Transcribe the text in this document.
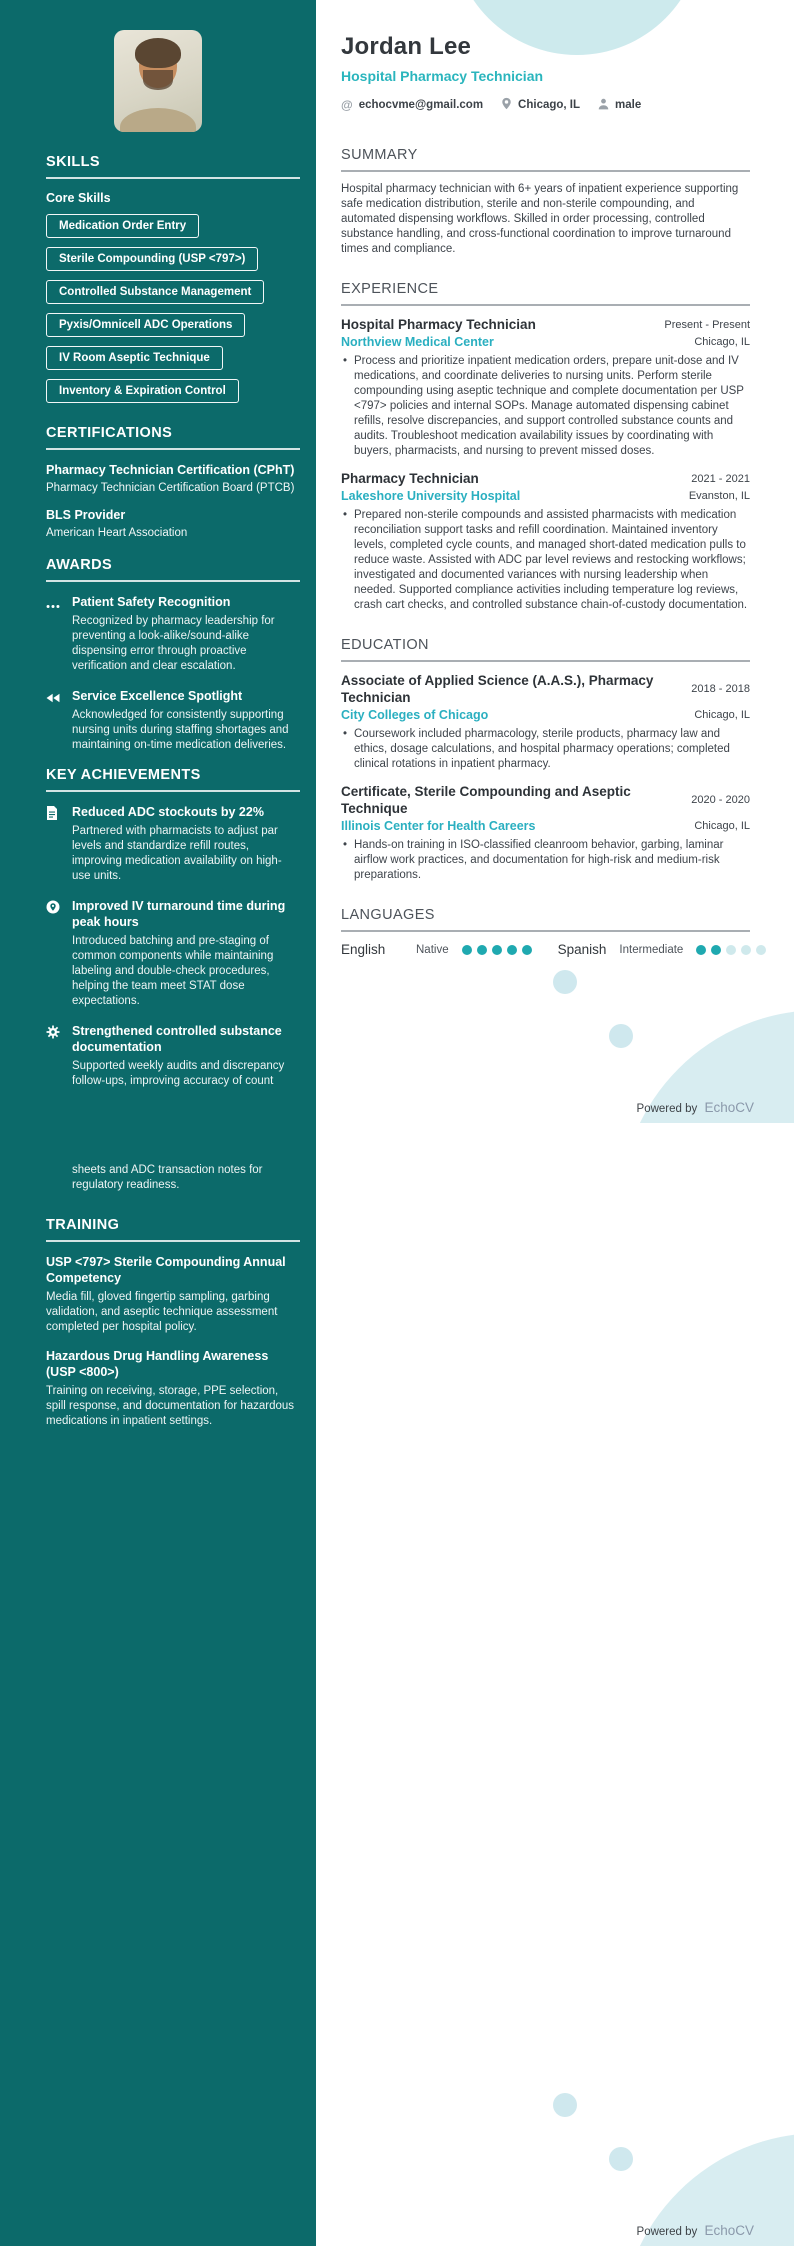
SKILLS
Core Skills
Medication Order Entry
Sterile Compounding (USP <797>)
Controlled Substance Management
Pyxis/Omnicell ADC Operations
IV Room Aseptic Technique
Inventory & Expiration Control
CERTIFICATIONS
Pharmacy Technician Certification (CPhT)
Pharmacy Technician Certification Board (PTCB)
BLS Provider
American Heart Association
AWARDS
Patient Safety Recognition
Recognized by pharmacy leadership for preventing a look-alike/sound-alike dispensing error through proactive verification and clear escalation.
Service Excellence Spotlight
Acknowledged for consistently supporting nursing units during staffing shortages and maintaining on-time medication deliveries.
KEY ACHIEVEMENTS
Reduced ADC stockouts by 22%
Partnered with pharmacists to adjust par levels and standardize refill routes, improving medication availability on high-use units.
Improved IV turnaround time during peak hours
Introduced batching and pre-staging of common components while maintaining labeling and double-check procedures, helping the team meet STAT dose expectations.
Strengthened controlled substance documentation
Supported weekly audits and discrepancy follow-ups, improving accuracy of count
Jordan Lee
Hospital Pharmacy Technician
@ echocvme@gmail.com	Chicago, IL	male
SUMMARY

Hospital pharmacy technician with 6+ years of inpatient experience supporting safe medication distribution, sterile and non-sterile compounding, and automated dispensing workflows. Skilled in order processing, controlled substance handling, and cross-functional coordination to improve turnaround times and compliance.

EXPERIENCE
Hospital Pharmacy Technician	Present - Present
Northview Medical Center	Chicago, IL

• Process and prioritize inpatient medication orders, prepare unit-dose and IV medications, and coordinate deliveries to nursing units. Perform sterile compounding using aseptic technique and complete documentation per USP <797> policies and internal SOPs. Manage automated dispensing cabinet refills, resolve discrepancies, and support controlled substance counts and audits. Troubleshoot medication availability issues by coordinating with buyers, pharmacists, and nursing to prevent missed doses.

Pharmacy Technician	2021 - 2021
Lakeshore University Hospital	Evanston, IL

• Prepared non-sterile compounds and assisted pharmacists with medication reconciliation support tasks and refill coordination. Maintained inventory levels, completed cycle counts, and managed short-dated medication pulls to reduce waste. Assisted with ADC par level reviews and restocking workflows; investigated and documented variances with nursing leadership when needed. Supported compliance activities including temperature log reviews, crash cart checks, and controlled substance chain-of-custody documentation.

EDUCATION
Associate of Applied Science (A.A.S.), Pharmacy Technician
2018 - 2018
City Colleges of Chicago	Chicago, IL

• Coursework included pharmacology, sterile products, pharmacy law and ethics, dosage calculations, and hospital pharmacy operations; completed clinical rotations in inpatient pharmacy.

Certificate, Sterile Compounding and Aseptic Technique
2020 - 2020
Illinois Center for Health Careers	Chicago, IL

• Hands-on training in ISO-classified cleanroom behavior, garbing, laminar airflow work practices, and documentation for high-risk and medium-risk preparations.

LANGUAGES
English	Native	Spanish Intermediate
Powered by EchoCV
sheets and ADC transaction notes for regulatory readiness.
TRAINING
USP <797> Sterile Compounding Annual Competency
Media fill, gloved fingertip sampling, garbing validation, and aseptic technique assessment completed per hospital policy.
Hazardous Drug Handling Awareness (USP <800>)
Training on receiving, storage, PPE selection, spill response, and documentation for hazardous medications in inpatient settings.
Powered by EchoCV
